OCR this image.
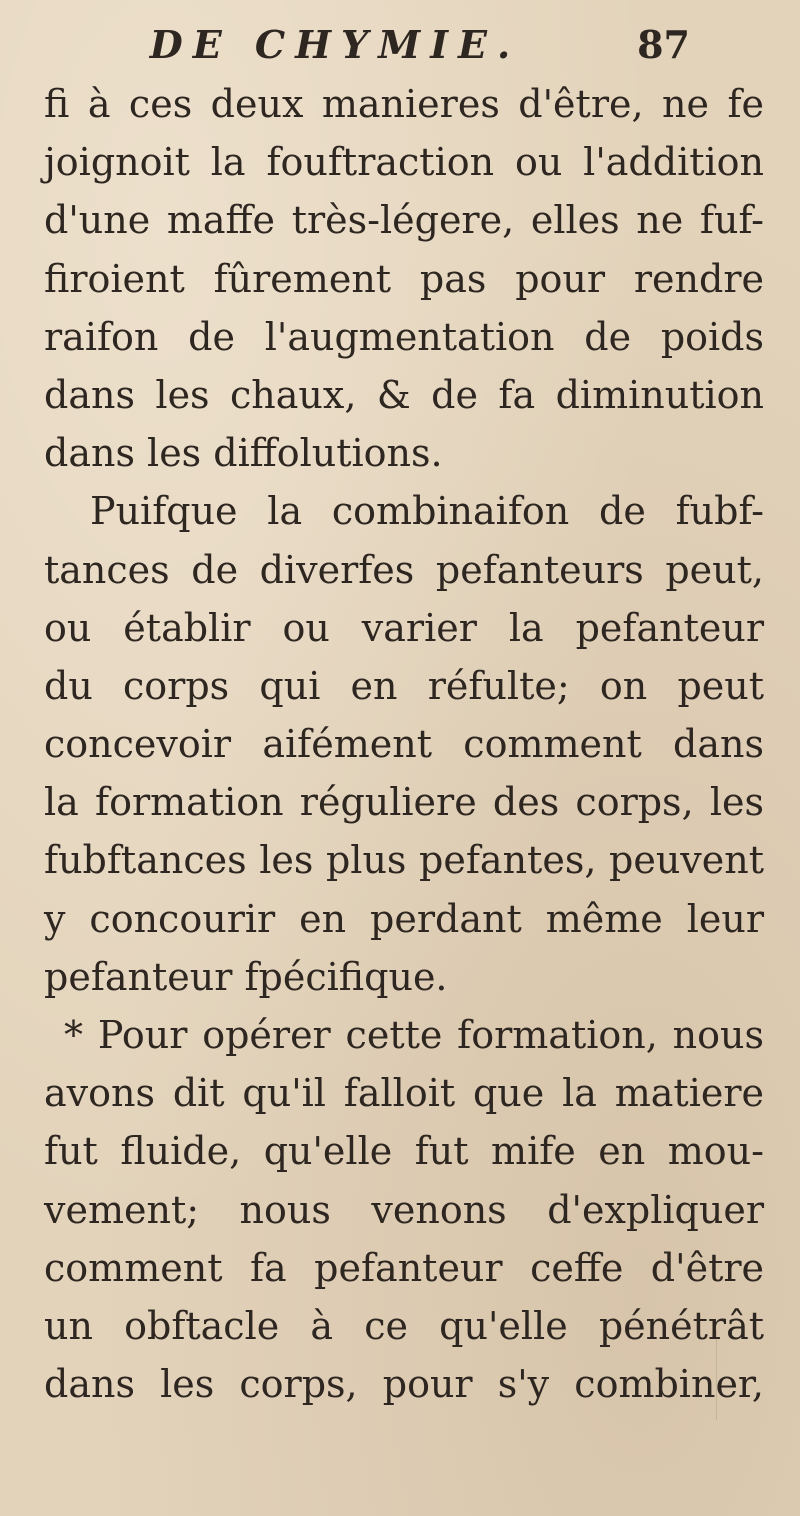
DE CHYMIE.	87
fi à ces deux manieres d'être, ne fe
joignoit la fouftraction ou l'addition
d'une maffe très-légere, elles ne fuf-
firoient fûrement pas pour rendre
raifon de l'augmentation de poids
dans les chaux, & de fa diminution
dans les diffolutions.
Puifque la combinaifon de fubf-
tances de diverfes pefanteurs peut,
ou établir ou varier la pefanteur
du corps qui en réfulte; on peut
concevoir aifément comment dans
la formation réguliere des corps, les
fubftances les plus pefantes, peuvent
y concourir en perdant même leur
pefanteur fpécifique.
* Pour opérer cette formation, nous
avons dit qu'il falloit que la matiere
fut fluide, qu'elle fut mife en mou-
vement; nous venons d'expliquer
comment fa pefanteur ceffe d'être
un obftacle à ce qu'elle pénétrât
dans les corps, pour s'y combiner,
